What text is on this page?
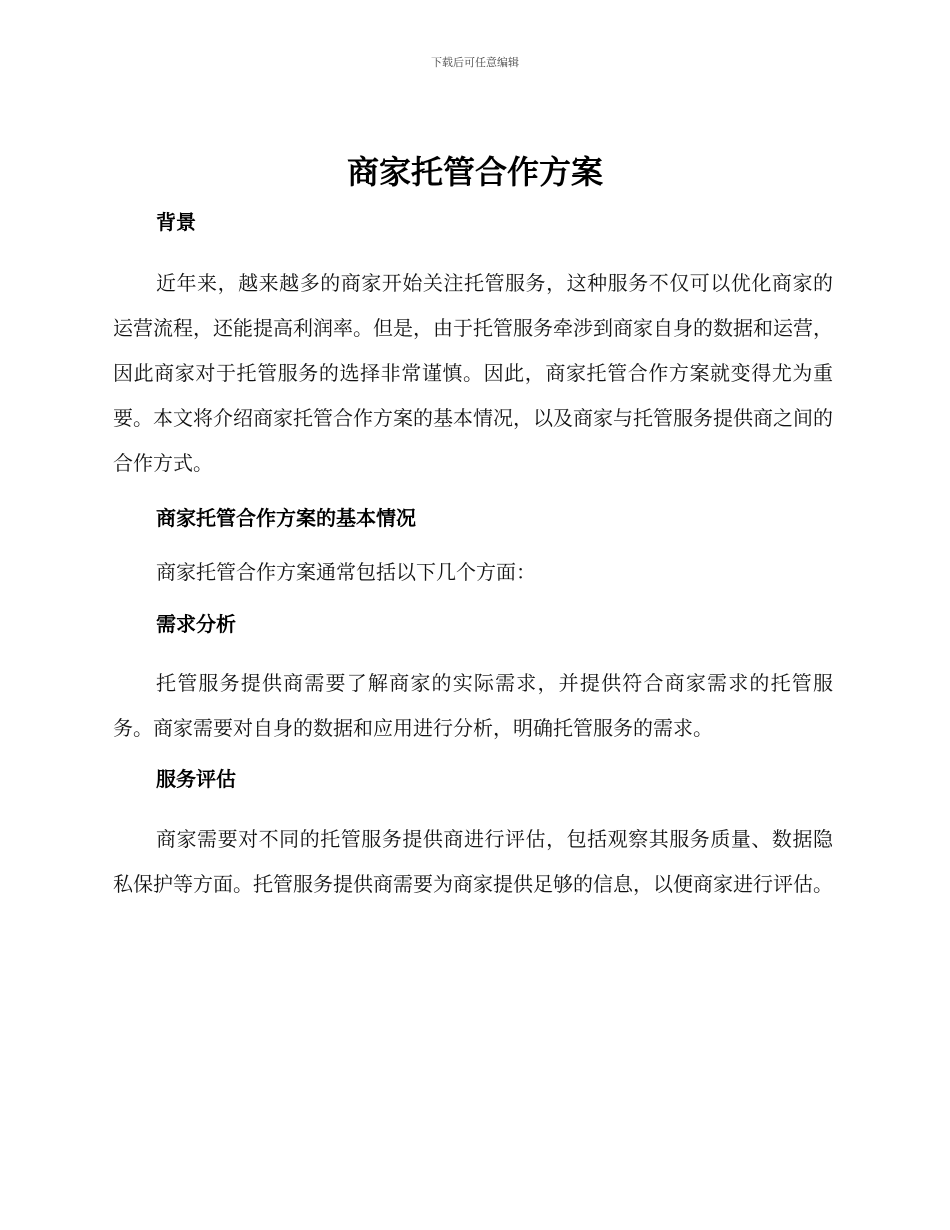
下载后可任意编辑
商家托管合作方案
背景

近年来，越来越多的商家开始关注托管服务，这种服务不仅可以优化商家的运营流程，还能提高利润率。但是，由于托管服务牵涉到商家自身的数据和运营，因此商家对于托管服务的选择非常谨慎。因此，商家托管合作方案就变得尤为重要。本文将介绍商家托管合作方案的基本情况，以及商家与托管服务提供商之间的合作方式。

商家托管合作方案的基本情况

商家托管合作方案通常包括以下几个方面：

需求分析

托管服务提供商需要了解商家的实际需求，并提供符合商家需求的托管服务。商家需要对自身的数据和应用进行分析，明确托管服务的需求。

服务评估

商家需要对不同的托管服务提供商进行评估，包括观察其服务质量、数据隐私保护等方面。托管服务提供商需要为商家提供足够的信息，以便商家进行评估。
